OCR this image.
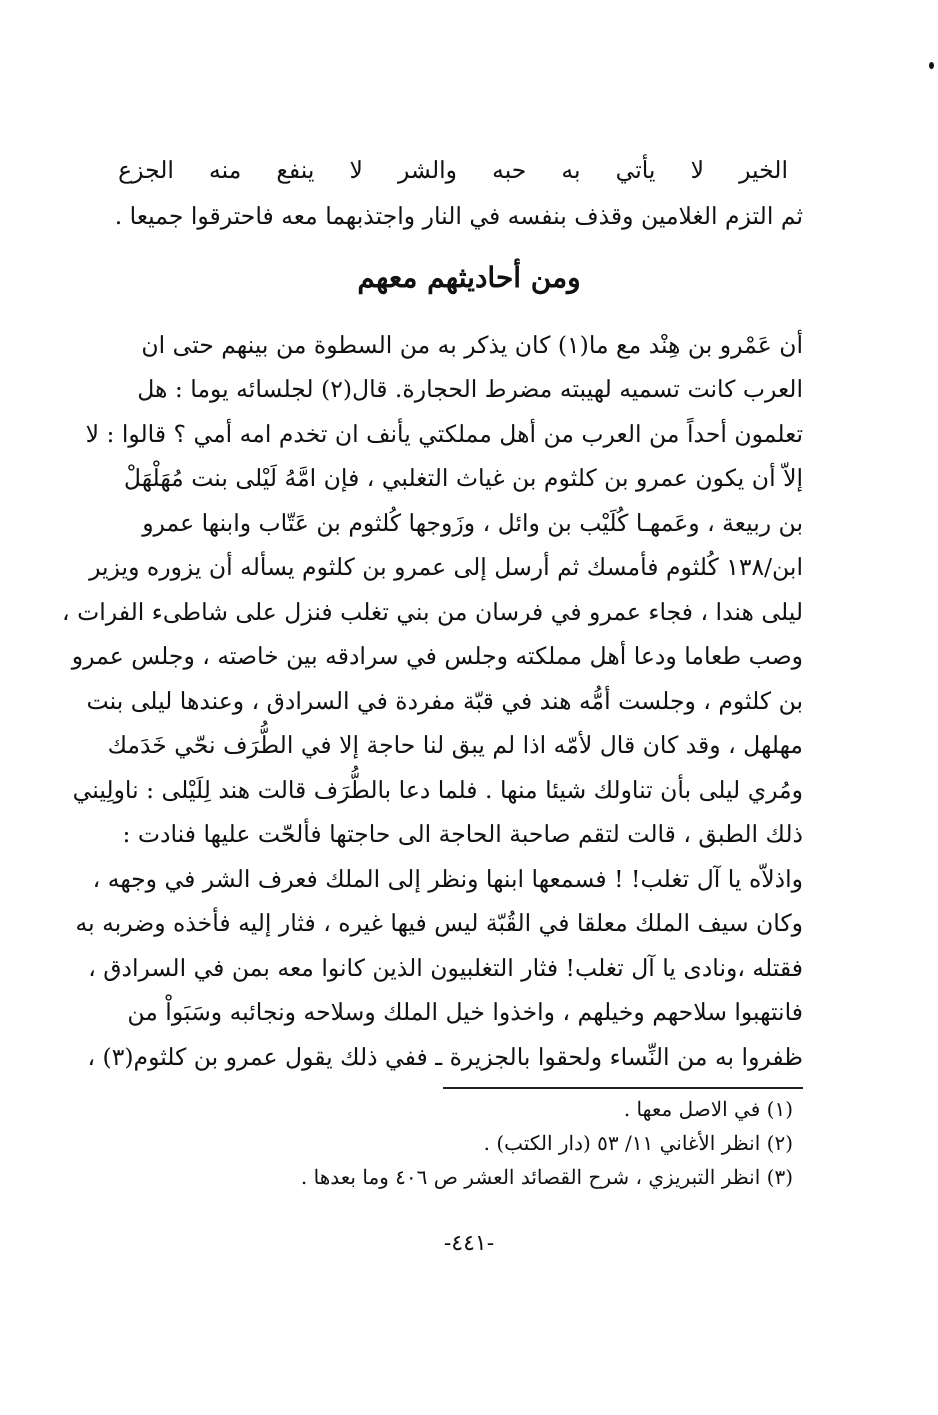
الخير
لا
يأتي
به
حبه
والشر
لا
ينفع
منه
الجزع
ثم التزم الغلامين وقذف بنفسه في النار واجتذبهما معه فاحترقوا جميعا .
ومن أحاديثهم معهم
أن عَمْرو بن هِنْد مع ما(١) كان يذكر به من السطوة من بينهم حتى ان
العرب كانت تسميه لهيبته مضرط الحجارة. قال(٢) لجلسائه يوما : هل
تعلمون أحداً من العرب من أهل مملكتي يأنف ان تخدم امه أمي ؟ قالوا : لا
إلاّ أن يكون عمرو بن كلثوم بن غياث التغلبي ، فإن امَّهُ لَيْلى بنت مُهَلْهَلْ
بن ربيعة ، وعَمهـا كُلَيْب بن وائل ، وزَوجها كُلثوم بن عَتّاب وابنها عمرو
ابن/١٣٨ كُلثوم فأمسك ثم أرسل إلى عمرو بن كلثوم يسأله أن يزوره ويزير
ليلى هندا ، فجاء عمرو في فرسان من بني تغلب فنزل على شاطىء الفرات ،
وصب طعاما ودعا أهل مملكته وجلس في سرادقه بين خاصته ، وجلس عمرو
بن كلثوم ، وجلست أمُّه هند في قبّة مفردة في السرادق ، وعندها ليلى بنت
مهلهل ، وقد كان قال لأمّه اذا لم يبق لنا حاجة إلا في الطُّرَف نحّي خَدَمك
ومُري ليلى بأن تناولك شيئا منها . فلما دعا بالطُّرَف قالت هند لِلَيْلى : ناولِيني
ذلك الطبق ، قالت لتقم صاحبة الحاجة الى حاجتها فألحّت عليها فنادت :
واذلاّه يا آل تغلب! ! فسمعها ابنها ونظر إلى الملك فعرف الشر في وجهه ،
وكان سيف الملك معلقا في القُبّة ليس فيها غيره ، فثار إليه فأخذه وضربه به
فقتله ،ونادى يا آل تغلب! فثار التغلبيون الذين كانوا معه بمن في السرادق ،
فانتهبوا سلاحهم وخيلهم ، واخذوا خيل الملك وسلاحه ونجائبه وسَبَواْ من
ظفروا به من النِّساء ولحقوا بالجزيرة ـ ففي ذلك يقول عمرو بن كلثوم(٣) ،
(١) في الاصل معها .
(٢) انظر الأغاني ١١/ ٥٣ (دار الكتب) .
(٣) انظر التبريزي ، شرح القصائد العشر ص ٤٠٦ وما بعدها .
-٤٤١-
